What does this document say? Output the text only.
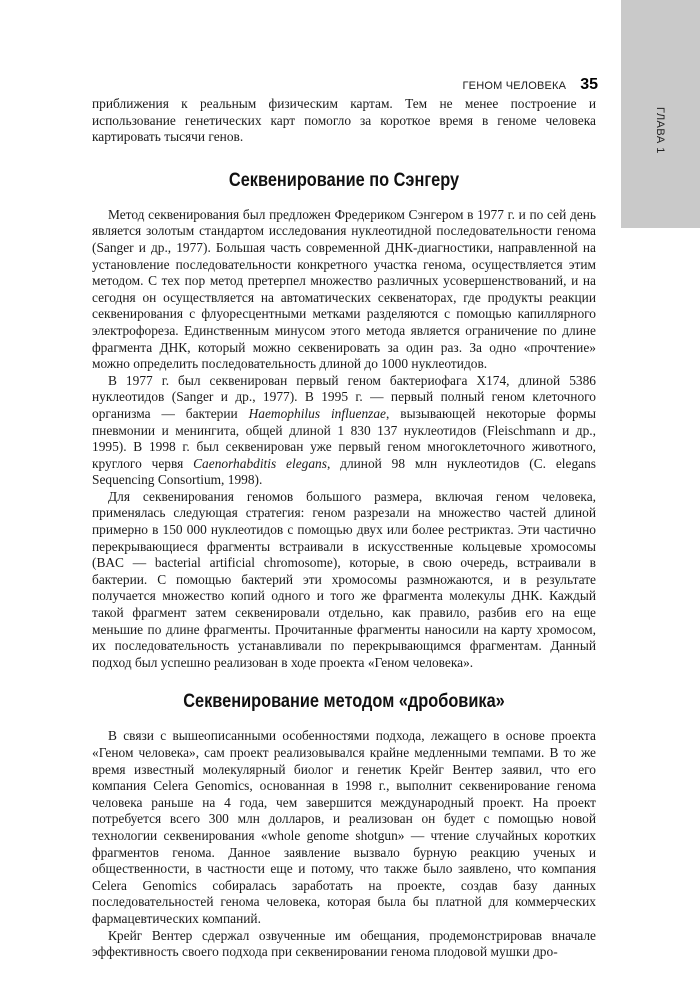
ГЛАВА 1
ГЕНОМ ЧЕЛОВЕКА 35

приближения к реальным физическим картам. Тем не менее построение и использование генетических карт помогло за короткое время в геноме человека картировать тысячи генов.

Секвенирование по Сэнгеру

Метод секвенирования был предложен Фредериком Сэнгером в 1977 г. и по сей день является золотым стандартом исследования нуклеотидной последовательности генома (Sanger и др., 1977). Большая часть современной ДНК-диагностики, направленной на установление последовательности конкретного участка генома, осуществляется этим методом. С тех пор метод претерпел множество различных усовершенствований, и на сегодня он осуществляется на автоматических секвенаторах, где продукты реакции секвенирования с флуоресцентными метками разделяются с помощью капиллярного электрофореза. Единственным минусом этого метода является ограничение по длине фрагмента ДНК, который можно секвенировать за один раз. За одно «прочтение» можно определить последовательность длиной до 1000 нуклеотидов.

В 1977 г. был секвенирован первый геном бактериофага X174, длиной 5386 нуклеотидов (Sanger и др., 1977). В 1995 г. — первый полный геном клеточного организма — бактерии Haemophilus influenzae, вызывающей некоторые формы пневмонии и менингита, общей длиной 1 830 137 нуклеотидов (Fleischmann и др., 1995). В 1998 г. был секвенирован уже первый геном многоклеточного животного, круглого червя Caenorhabditis elegans, длиной 98 млн нуклеотидов (C. elegans Sequencing Consortium, 1998).

Для секвенирования геномов большого размера, включая геном человека, применялась следующая стратегия: геном разрезали на множество частей длиной примерно в 150 000 нуклеотидов с помощью двух или более рестриктаз. Эти частично перекрывающиеся фрагменты встраивали в искусственные кольцевые хромосомы (BAC — bacterial artificial chromosome), которые, в свою очередь, встраивали в бактерии. С помощью бактерий эти хромосомы размножаются, и в результате получается множество копий одного и того же фрагмента молекулы ДНК. Каждый такой фрагмент затем секвенировали отдельно, как правило, разбив его на еще меньшие по длине фрагменты. Прочитанные фрагменты наносили на карту хромосом, их последовательность устанавливали по перекрывающимся фрагментам. Данный подход был успешно реализован в ходе проекта «Геном человека».

Секвенирование методом «дробовика»

В связи с вышеописанными особенностями подхода, лежащего в основе проекта «Геном человека», сам проект реализовывался крайне медленными темпами. В то же время известный молекулярный биолог и генетик Крейг Вентер заявил, что его компания Celera Genomics, основанная в 1998 г., выполнит секвенирование генома человека раньше на 4 года, чем завершится международный проект. На проект потребуется всего 300 млн долларов, и реализован он будет с помощью новой технологии секвенирования «whole genome shotgun» — чтение случайных коротких фрагментов генома. Данное заявление вызвало бурную реакцию ученых и общественности, в частности еще и потому, что также было заявлено, что компания Celera Genomics собиралась заработать на проекте, создав базу данных последовательностей генома человека, которая была бы платной для коммерческих фармацевтических компаний.

Крейг Вентер сдержал озвученные им обещания, продемонстрировав вначале эффективность своего подхода при секвенировании генома плодовой мушки дро-
